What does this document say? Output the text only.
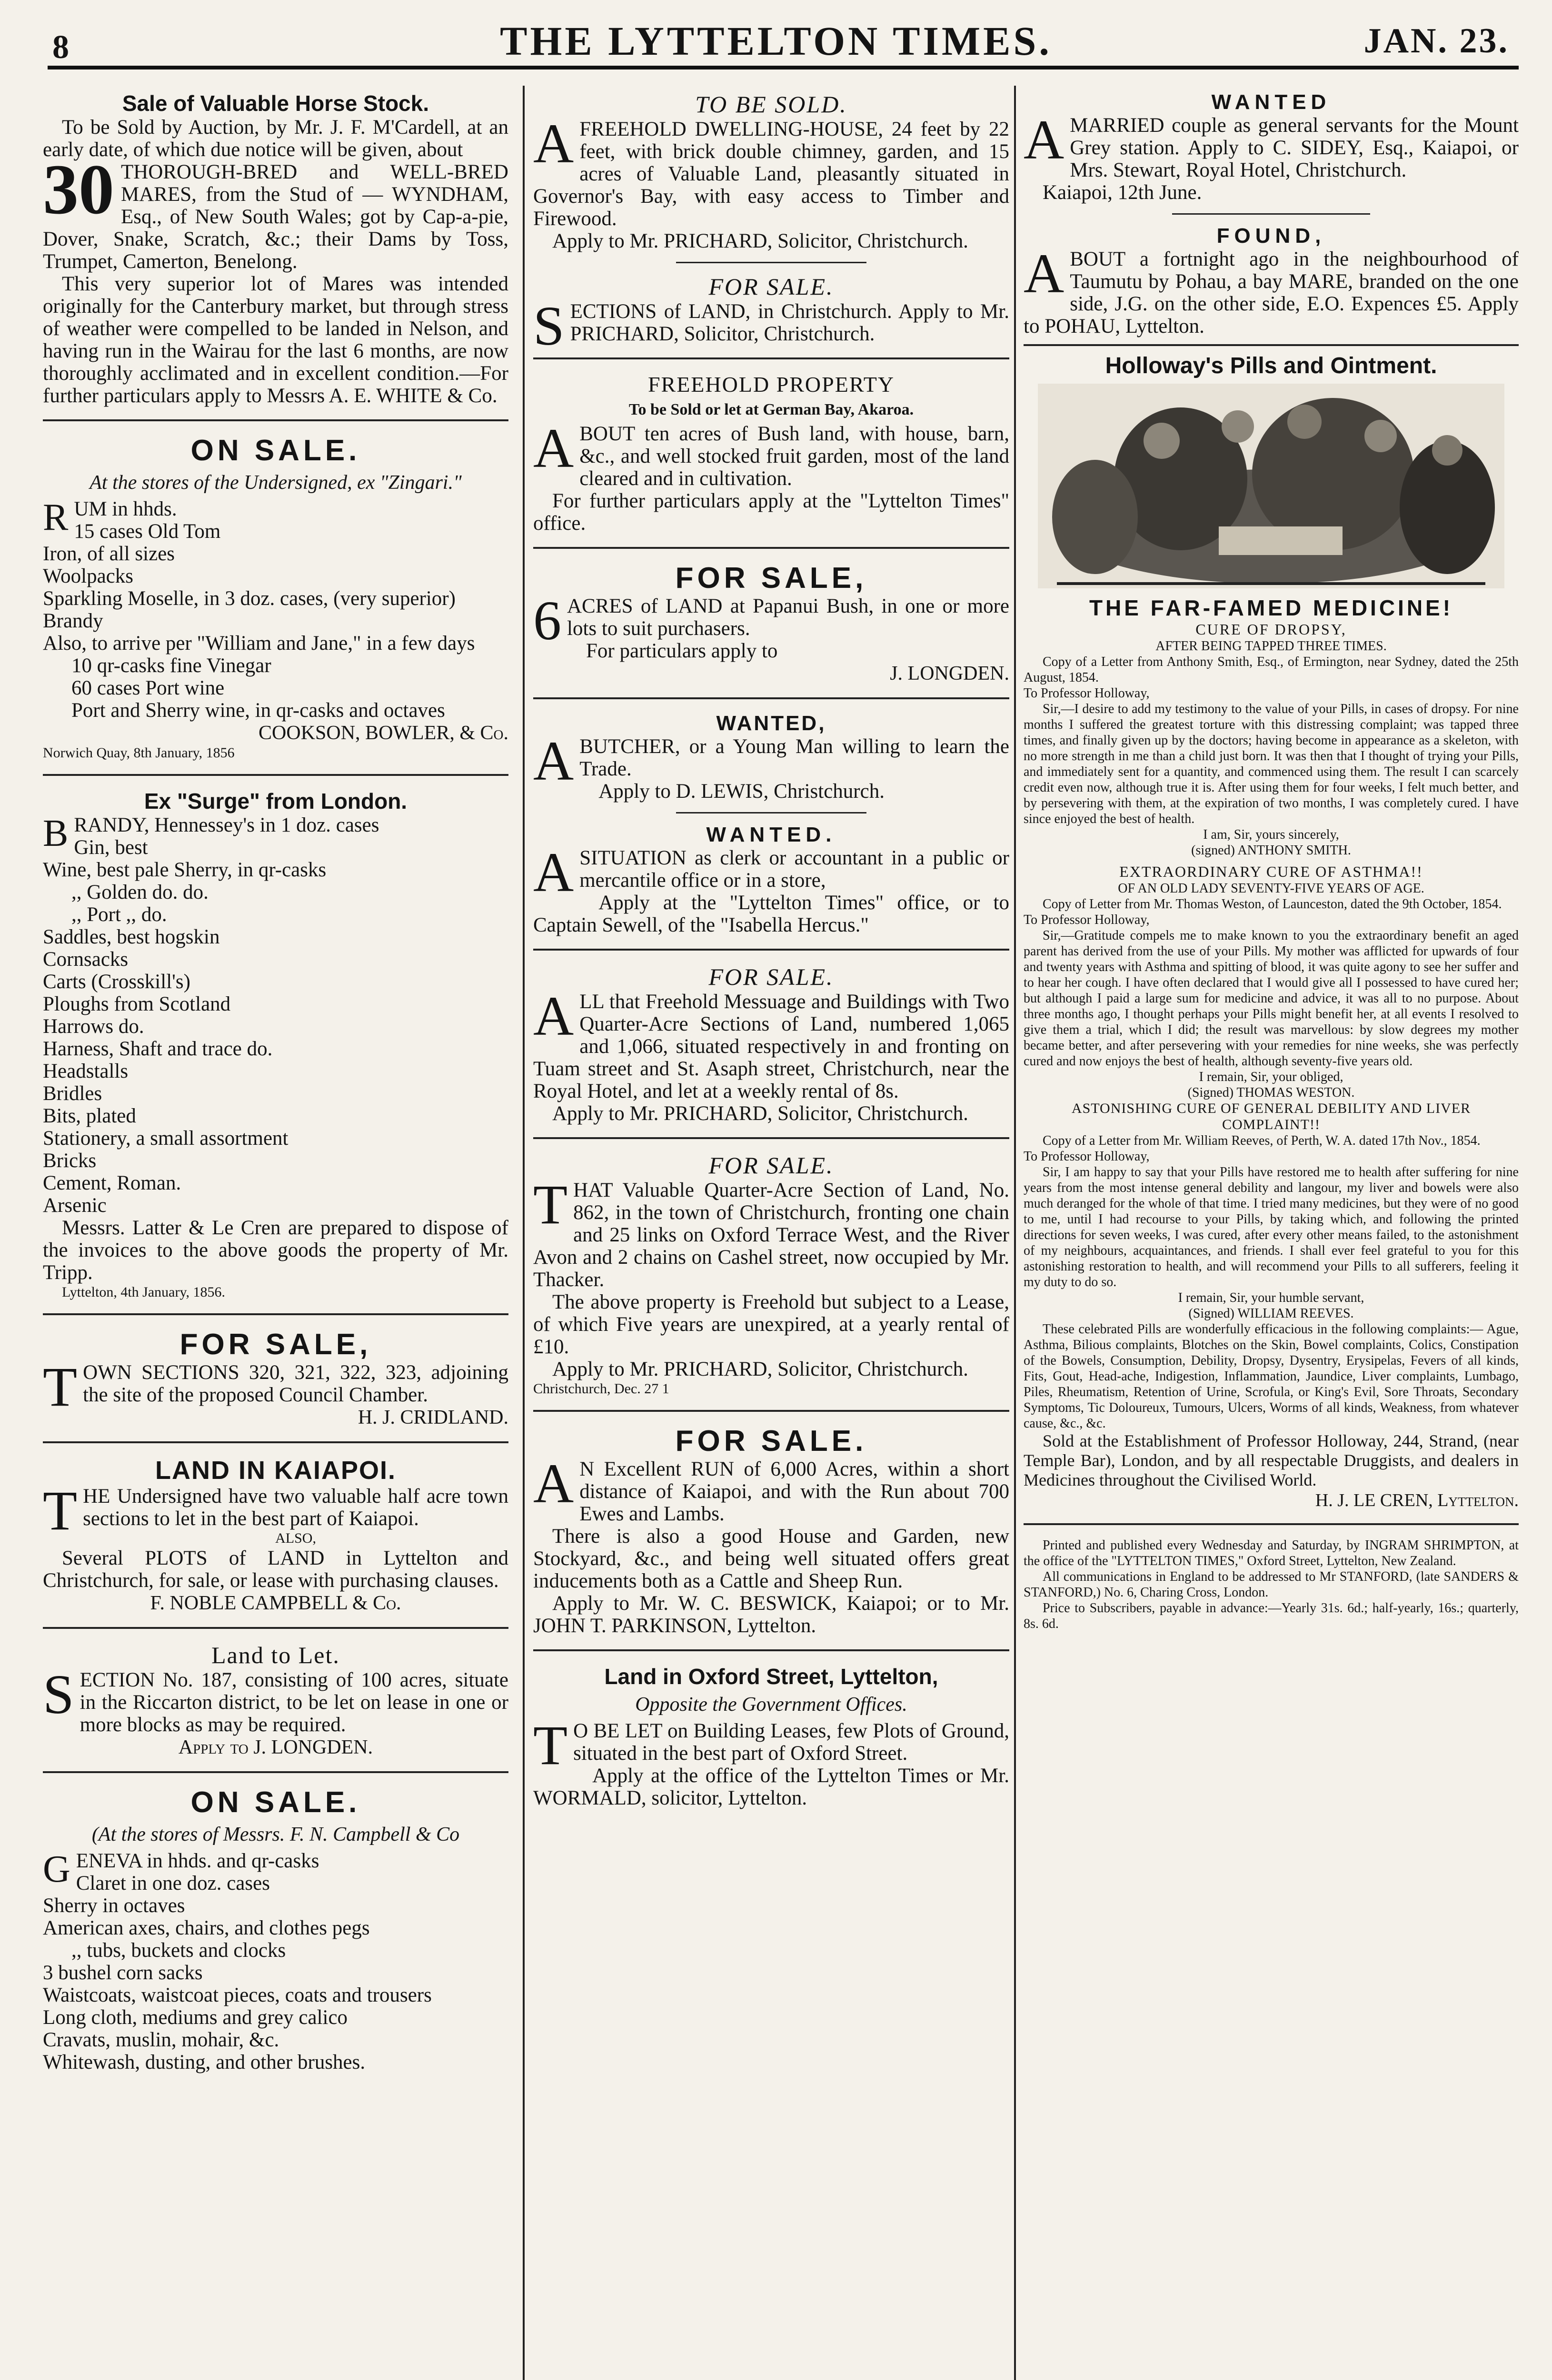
8	THE LYTTELTON TIMES.	JAN. 23.
Sale of Valuable Horse Stock.

To be Sold by Auction, by Mr. J. F. M'Cardell, at an early date, of which due notice will be given, about

30 THOROUGH-BRED and WELL-BRED MARES, from the Stud of — WYNDHAM, Esq., of New South Wales; got by Cap-a-pie, Dover, Snake, Scratch, &c.; their Dams by Toss, Trumpet, Camerton, Benelong.

This very superior lot of Mares was intended originally for the Canterbury market, but through stress of weather were compelled to be landed in Nelson, and having run in the Wairau for the last 6 months, are now thoroughly acclimated and in excellent condition.—For further particulars apply to Messrs A. E. WHITE & Co.

ON SALE.
At the stores of the Undersigned, ex "Zingari."
RUM in hhds.
15 cases Old Tom
Iron, of all sizes
Woolpacks
Sparkling Moselle, in 3 doz. cases, (very superior)
Brandy
Also, to arrive per "William and Jane," in a few days
10 qr-casks fine Vinegar
60 cases Port wine
Port and Sherry wine, in qr-casks and octaves
COOKSON, BOWLER, & Co.

Norwich Quay, 8th January, 1856

Ex "Surge" from London.
BRANDY, Hennessey's in 1 doz. cases
Gin, best
Wine, best pale Sherry, in qr-casks
,, Golden do. do.
,, Port ,, do.
Saddles, best hogskin
Cornsacks
Carts (Crosskill's)
Ploughs from Scotland
Harrows do.
Harness, Shaft and trace do.
Headstalls
Bridles
Bits, plated
Stationery, a small assortment
Bricks
Cement, Roman.
Arsenic

Messrs. Latter & Le Cren are prepared to dispose of the invoices to the above goods the property of Mr. Tripp.

Lyttelton, 4th January, 1856.

FOR SALE,

TOWN SECTIONS 320, 321, 322, 323, adjoining the site of the proposed Council Chamber.

H. J. CRIDLAND.
LAND IN KAIAPOI.

THE Undersigned have two valuable half acre town sections to let in the best part of Kaiapoi.

ALSO,

Several PLOTS of LAND in Lyttelton and Christchurch, for sale, or lease with purchasing clauses.

F. NOBLE CAMPBELL & Co.
Land to Let.

SECTION No. 187, consisting of 100 acres, situate in the Riccarton district, to be let on lease in one or more blocks as may be required.

Apply to J. LONGDEN.
ON SALE.
(At the stores of Messrs. F. N. Campbell & Co
GENEVA in hhds. and qr-casks
Claret in one doz. cases
Sherry in octaves
American axes, chairs, and clothes pegs
,, tubs, buckets and clocks
3 bushel corn sacks
Waistcoats, waistcoat pieces, coats and trousers
Long cloth, mediums and grey calico
Cravats, muslin, mohair, &c.
Whitewash, dusting, and other brushes.
TO BE SOLD.

AFREEHOLD DWELLING-HOUSE, 24 feet by 22 feet, with brick double chimney, garden, and 15 acres of Valuable Land, pleasantly situated in Governor's Bay, with easy access to Timber and Firewood.

Apply to Mr. PRICHARD, Solicitor, Christchurch.

FOR SALE.

SECTIONS of LAND, in Christchurch. Apply to Mr. PRICHARD, Solicitor, Christchurch.

FREEHOLD PROPERTY
To be Sold or let at German Bay, Akaroa.

ABOUT ten acres of Bush land, with house, barn, &c., and well stocked fruit garden, most of the land cleared and in cultivation.

For further particulars apply at the "Lyttelton Times" office.

FOR SALE,

6 ACRES of LAND at Papanui Bush, in one or more lots to suit purchasers.

For particulars apply to

J. LONGDEN.
WANTED,

ABUTCHER, or a Young Man willing to learn the Trade.

Apply to D. LEWIS, Christchurch.

WANTED.

ASITUATION as clerk or accountant in a public or mercantile office or in a store,

Apply at the "Lyttelton Times" office, or to Captain Sewell, of the "Isabella Hercus."

FOR SALE.

ALL that Freehold Messuage and Buildings with Two Quarter-Acre Sections of Land, numbered 1,065 and 1,066, situated respectively in and fronting on Tuam street and St. Asaph street, Christchurch, near the Royal Hotel, and let at a weekly rental of 8s.

Apply to Mr. PRICHARD, Solicitor, Christchurch.

FOR SALE.

THAT Valuable Quarter-Acre Section of Land, No. 862, in the town of Christchurch, fronting one chain and 25 links on Oxford Terrace West, and the River Avon and 2 chains on Cashel street, now occupied by Mr. Thacker.

The above property is Freehold but subject to a Lease, of which Five years are unexpired, at a yearly rental of £10.

Apply to Mr. PRICHARD, Solicitor, Christchurch.

Christchurch, Dec. 27 1

FOR SALE.

A N Excellent RUN of 6,000 Acres, within a short distance of Kaiapoi, and with the Run about 700 Ewes and Lambs.

There is also a good House and Garden, new Stockyard, &c., and being well situated offers great inducements both as a Cattle and Sheep Run.

Apply to Mr. W. C. BESWICK, Kaiapoi; or to Mr. JOHN T. PARKINSON, Lyttelton.

Land in Oxford Street, Lyttelton,
Opposite the Government Offices.

T O BE LET on Building Leases, few Plots of Ground, situated in the best part of Oxford Street.

Apply at the office of the Lyttelton Times or Mr. WORMALD, solicitor, Lyttelton.

WANTED

AMARRIED couple as general servants for the Mount Grey station. Apply to C. SIDEY, Esq., Kaiapoi, or Mrs. Stewart, Royal Hotel, Christchurch.

Kaiapoi, 12th June.

FOUND,

ABOUT a fortnight ago in the neighbourhood of Taumutu by Pohau, a bay MARE, branded on the one side, J.G. on the other side, E.O. Expences £5. Apply to POHAU, Lyttelton.

Holloway's Pills and Ointment.
THE FAR-FAMED MEDICINE!
CURE OF DROPSY,
AFTER BEING TAPPED THREE TIMES.

Copy of a Letter from Anthony Smith, Esq., of Ermington, near Sydney, dated the 25th August, 1854.

To Professor Holloway,

Sir,—I desire to add my testimony to the value of your Pills, in cases of dropsy. For nine months I suffered the greatest torture with this distressing complaint; was tapped three times, and finally given up by the doctors; having become in appearance as a skeleton, with no more strength in me than a child just born. It was then that I thought of trying your Pills, and immediately sent for a quantity, and commenced using them. The result I can scarcely credit even now, although true it is. After using them for four weeks, I felt much better, and by persevering with them, at the expiration of two months, I was completely cured. I have since enjoyed the best of health.

I am, Sir, yours sincerely,

(signed) ANTHONY SMITH.

EXTRAORDINARY CURE OF ASTHMA!!
OF AN OLD LADY SEVENTY-FIVE YEARS OF AGE.

Copy of Letter from Mr. Thomas Weston, of Launceston, dated the 9th October, 1854.

To Professor Holloway,

Sir,—Gratitude compels me to make known to you the extraordinary benefit an aged parent has derived from the use of your Pills. My mother was afflicted for upwards of four and twenty years with Asthma and spitting of blood, it was quite agony to see her suffer and to hear her cough. I have often declared that I would give all I possessed to have cured her; but although I paid a large sum for medicine and advice, it was all to no purpose. About three months ago, I thought perhaps your Pills might benefit her, at all events I resolved to give them a trial, which I did; the result was marvellous: by slow degrees my mother became better, and after persevering with your remedies for nine weeks, she was perfectly cured and now enjoys the best of health, although seventy-five years old.

I remain, Sir, your obliged,

(Signed) THOMAS WESTON.

ASTONISHING CURE OF GENERAL DEBILITY AND LIVER COMPLAINT!!

Copy of a Letter from Mr. William Reeves, of Perth, W. A. dated 17th Nov., 1854.

To Professor Holloway,

Sir, I am happy to say that your Pills have restored me to health after suffering for nine years from the most intense general debility and langour, my liver and bowels were also much deranged for the whole of that time. I tried many medicines, but they were of no good to me, until I had recourse to your Pills, by taking which, and following the printed directions for seven weeks, I was cured, after every other means failed, to the astonishment of my neighbours, acquaintances, and friends. I shall ever feel grateful to you for this astonishing restoration to health, and will recommend your Pills to all sufferers, feeling it my duty to do so.

I remain, Sir, your humble servant,

(Signed) WILLIAM REEVES.

These celebrated Pills are wonderfully efficacious in the following complaints:— Ague, Asthma, Bilious complaints, Blotches on the Skin, Bowel complaints, Colics, Constipation of the Bowels, Consumption, Debility, Dropsy, Dysentry, Erysipelas, Fevers of all kinds, Fits, Gout, Head-ache, Indigestion, Inflammation, Jaundice, Liver complaints, Lumbago, Piles, Rheumatism, Retention of Urine, Scrofula, or King's Evil, Sore Throats, Secondary Symptoms, Tic Doloureux, Tumours, Ulcers, Worms of all kinds, Weakness, from whatever cause, &c., &c.

Sold at the Establishment of Professor Holloway, 244, Strand, (near Temple Bar), London, and by all respectable Druggists, and dealers in Medicines throughout the Civilised World.

H. J. LE CREN, Lyttelton.

Printed and published every Wednesday and Saturday, by INGRAM SHRIMPTON, at the office of the "LYTTELTON TIMES," Oxford Street, Lyttelton, New Zealand.

All communications in England to be addressed to Mr STANFORD, (late SANDERS & STANFORD,) No. 6, Charing Cross, London.

Price to Subscribers, payable in advance:—Yearly 31s. 6d.; half-yearly, 16s.; quarterly, 8s. 6d.
